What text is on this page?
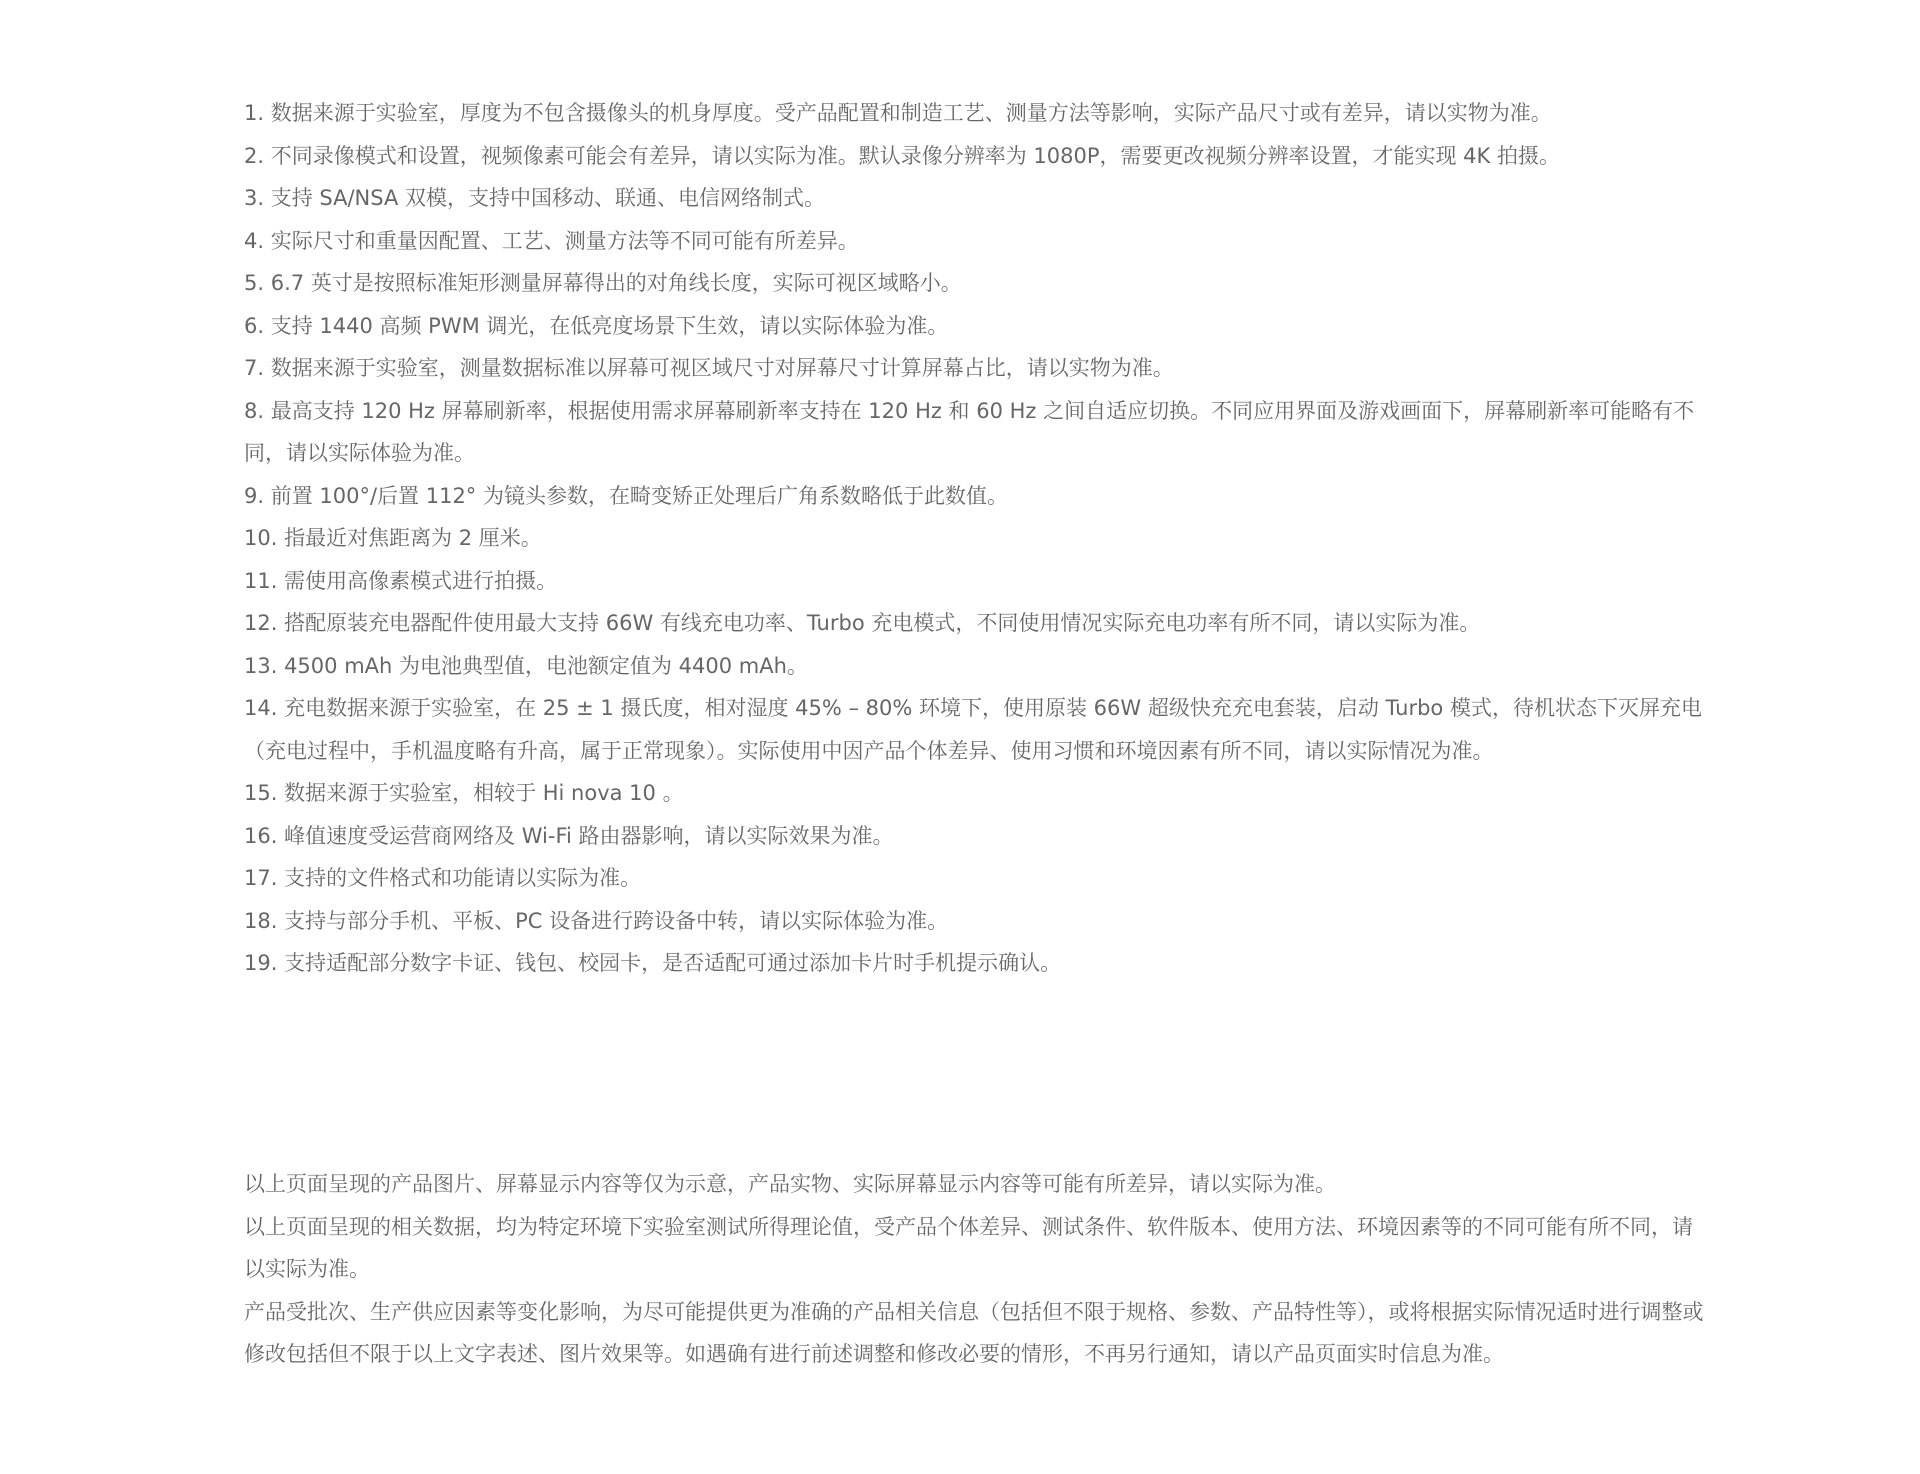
1. 数据来源于实验室，厚度为不包含摄像头的机身厚度。受产品配置和制造工艺、测量方法等影响，实际产品尺寸或有差异，请以实物为准。
2. 不同录像模式和设置，视频像素可能会有差异，请以实际为准。默认录像分辨率为 1080P，需要更改视频分辨率设置，才能实现 4K 拍摄。
3. 支持 SA/NSA 双模，支持中国移动、联通、电信网络制式。
4. 实际尺寸和重量因配置、工艺、测量方法等不同可能有所差异。
5. 6.7 英寸是按照标准矩形测量屏幕得出的对角线长度，实际可视区域略小。
6. 支持 1440 高频 PWM 调光，在低亮度场景下生效，请以实际体验为准。
7. 数据来源于实验室，测量数据标准以屏幕可视区域尺寸对屏幕尺寸计算屏幕占比，请以实物为准。
8. 最高支持 120 Hz 屏幕刷新率，根据使用需求屏幕刷新率支持在 120 Hz 和 60 Hz 之间自适应切换。不同应用界面及游戏画面下，屏幕刷新率可能略有不同，请以实际体验为准。
9. 前置 100°/后置 112° 为镜头参数，在畸变矫正处理后广角系数略低于此数值。
10. 指最近对焦距离为 2 厘米。
11. 需使用高像素模式进行拍摄。
12. 搭配原装充电器配件使用最大支持 66W 有线充电功率、Turbo 充电模式，不同使用情况实际充电功率有所不同，请以实际为准。
13. 4500 mAh 为电池典型值，电池额定值为 4400 mAh。
14. 充电数据来源于实验室，在 25 ± 1 摄氏度，相对湿度 45% – 80% 环境下，使用原装 66W 超级快充充电套装，启动 Turbo 模式，待机状态下灭屏充电（充电过程中，手机温度略有升高，属于正常现象）。实际使用中因产品个体差异、使用习惯和环境因素有所不同，请以实际情况为准。
15. 数据来源于实验室，相较于 Hi nova 10 。
16. 峰值速度受运营商网络及 Wi-Fi 路由器影响，请以实际效果为准。
17. 支持的文件格式和功能请以实际为准。
18. 支持与部分手机、平板、PC 设备进行跨设备中转，请以实际体验为准。
19. 支持适配部分数字卡证、钱包、校园卡，是否适配可通过添加卡片时手机提示确认。

以上页面呈现的产品图片、屏幕显示内容等仅为示意，产品实物、实际屏幕显示内容等可能有所差异，请以实际为准。

以上页面呈现的相关数据，均为特定环境下实验室测试所得理论值，受产品个体差异、测试条件、软件版本、使用方法、环境因素等的不同可能有所不同，请以实际为准。

产品受批次、生产供应因素等变化影响，为尽可能提供更为准确的产品相关信息（包括但不限于规格、参数、产品特性等），或将根据实际情况适时进行调整或修改包括但不限于以上文字表述、图片效果等。如遇确有进行前述调整和修改必要的情形，不再另行通知，请以产品页面实时信息为准。
